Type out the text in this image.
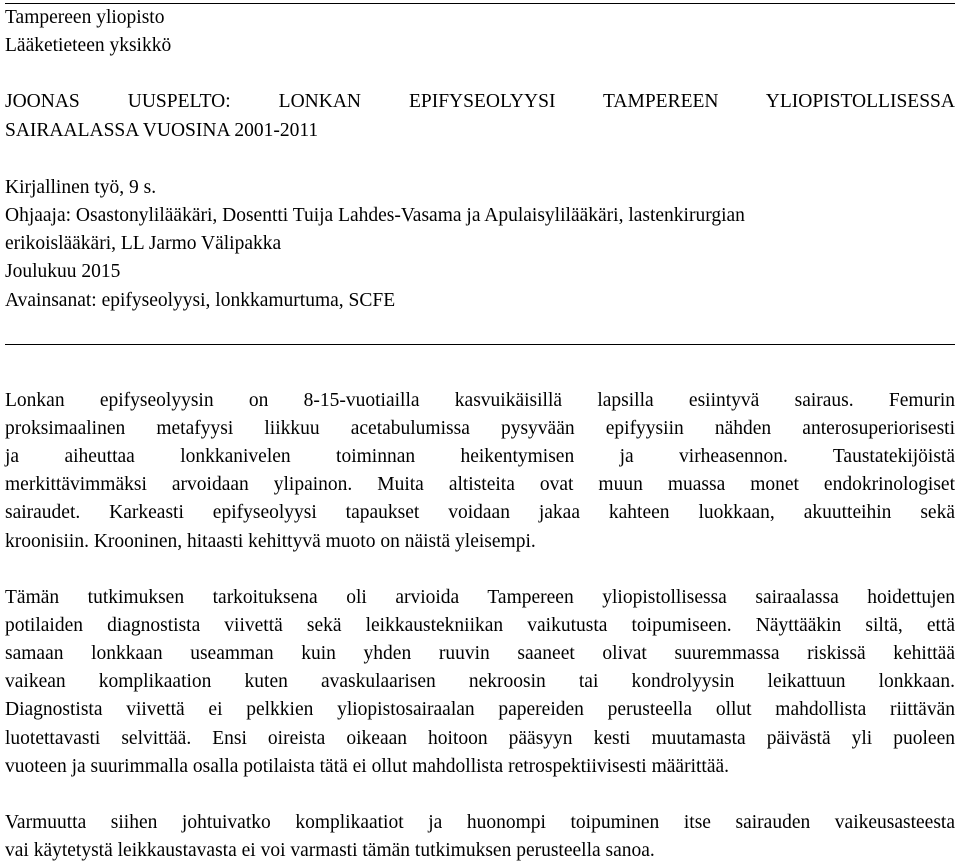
Tampereen yliopisto
Lääketieteen yksikkö
JOONAS UUSPELTO: LONKAN EPIFYSEOLYYSI TAMPEREEN YLIOPISTOLLISESSA
SAIRAALASSA VUOSINA 2001-2011
Kirjallinen työ, 9 s.
Ohjaaja: Osastonylilääkäri, Dosentti Tuija Lahdes-Vasama ja Apulaisylilääkäri, lastenkirurgian
erikoislääkäri, LL Jarmo Välipakka
Joulukuu 2015
Avainsanat: epifyseolyysi, lonkkamurtuma, SCFE
Lonkan epifyseolyysin on 8-15-vuotiailla kasvuikäisillä lapsilla esiintyvä sairaus. Femurin
proksimaalinen metafyysi liikkuu acetabulumissa pysyvään epifyysiin nähden anterosuperiorisesti
ja aiheuttaa lonkkanivelen toiminnan heikentymisen ja virheasennon. Taustatekijöistä
merkittävimmäksi arvoidaan ylipainon. Muita altisteita ovat muun muassa monet endokrinologiset
sairaudet. Karkeasti epifyseolyysi tapaukset voidaan jakaa kahteen luokkaan, akuutteihin sekä
kroonisiin. Krooninen, hitaasti kehittyvä muoto on näistä yleisempi.
Tämän tutkimuksen tarkoituksena oli arvioida Tampereen yliopistollisessa sairaalassa hoidettujen
potilaiden diagnostista viivettä sekä leikkaustekniikan vaikutusta toipumiseen. Näyttääkin siltä, että
samaan lonkkaan useamman kuin yhden ruuvin saaneet olivat suuremmassa riskissä kehittää
vaikean komplikaation kuten avaskulaarisen nekroosin tai kondrolyysin leikattuun lonkkaan.
Diagnostista viivettä ei pelkkien yliopistosairaalan papereiden perusteella ollut mahdollista riittävän
luotettavasti selvittää. Ensi oireista oikeaan hoitoon pääsyyn kesti muutamasta päivästä yli puoleen
vuoteen ja suurimmalla osalla potilaista tätä ei ollut mahdollista retrospektiivisesti määrittää.
Varmuutta siihen johtuivatko komplikaatiot ja huonompi toipuminen itse sairauden vaikeusasteesta
vai käytetystä leikkaustavasta ei voi varmasti tämän tutkimuksen perusteella sanoa.
